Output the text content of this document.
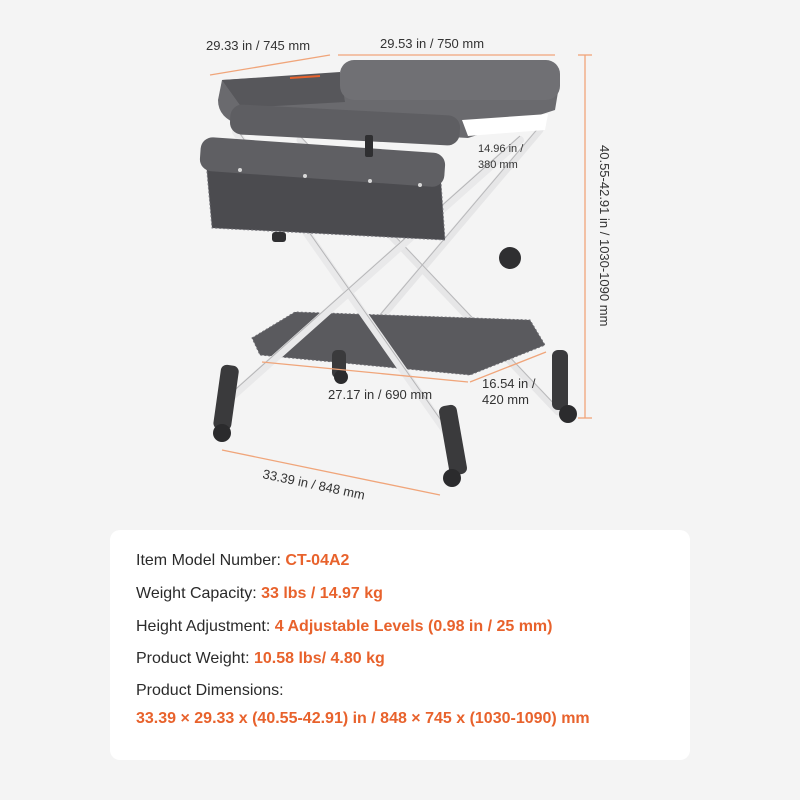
29.33 in / 745 mm	29.53 in / 750 mm
14.96 in /
380 mm	40.55-42.91 in / 1030-1090 mm
27.17 in / 690 mm
16.54 in /
420 mm
33.39 in / 848 mm
Item Model Number: CT-04A2
Weight Capacity: 33 lbs / 14.97 kg
Height Adjustment: 4 Adjustable Levels (0.98 in / 25 mm)
Product Weight: 10.58 lbs/ 4.80 kg
Product Dimensions:
33.39 × 29.33 x (40.55-42.91) in / 848 × 745 x (1030-1090) mm
